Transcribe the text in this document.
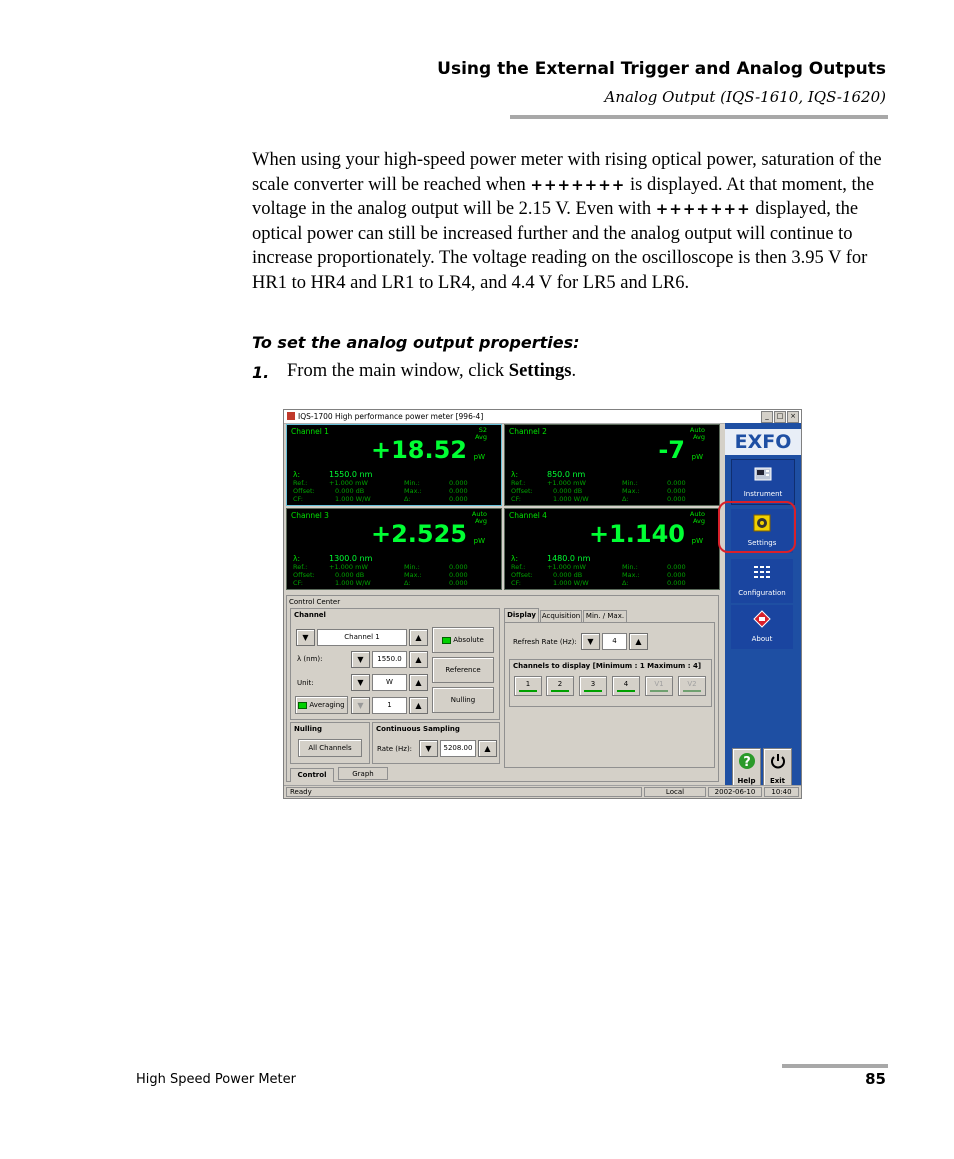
Using the External Trigger and Analog Outputs
Analog Output (IQS-1610, IQS-1620)
When using your high-speed power meter with rising optical power, saturation of the scale converter will be reached when +++++++ is displayed. At that moment, the voltage in the analog output will be 2.15 V. Even with +++++++ displayed, the optical power can still be increased further and the analog output will continue to increase proportionately. The voltage reading on the oscilloscope is then 3.95 V for HR1 to HR4 and LR1 to LR4, and 4.4 V for LR5 and LR6.
To set the analog output properties:
1. From the main window, click Settings.
IQS-1700 High performance power meter [996-4]	_	□ ×
Channel 1	S2
Avg
+18.52 pW
λ:	1550.0 nm
Ref.:	+1.000 mW
Offset:	0.000 dB
CF:	1.000 W/W
Min.:	0.000
Max.:	0.000
Δ:	0.000
Channel 2	Auto
Avg
-7 pW
λ:	850.0 nm
Ref.:	+1.000 mW
Offset:	0.000 dB
CF:	1.000 W/W
Min.:	0.000
Max.:	0.000
Δ:	0.000
Channel 3	Auto
Avg
+2.525 pW
λ:	1300.0 nm
Ref.:	+1.000 mW
Offset:	0.000 dB
CF:	1.000 W/W
Min.:	0.000
Max.:	0.000
Δ:	0.000
Channel 4	Auto
Avg
+1.140 pW
λ:	1480.0 nm
Ref.:	+1.000 mW
Offset:	0.000 dB
CF:	1.000 W/W
Min.:	0.000
Max.:	0.000
Δ:	0.000
Control Center
Channel
▼	Channel 1	▲	Absolute
λ (nm):	▼	1550.0	▲
Reference
Unit:	▼	W	▲
Nulling
Averaging	▼	1	▲
Nulling
All Channels
Continuous Sampling
Rate (Hz):	▼	5208.00	▲
Display Acquisition Min. / Max.
Refresh Rate (Hz):	▼	4	▲
Channels to display [Minimum : 1 Maximum : 4]
1	2	3	4	V1	V2
Control	Graph
EXFO
Instrument
Settings
Configuration
About
?
Help	Exit
Ready	Local	2002-06-10	10:40
High Speed Power Meter	85
